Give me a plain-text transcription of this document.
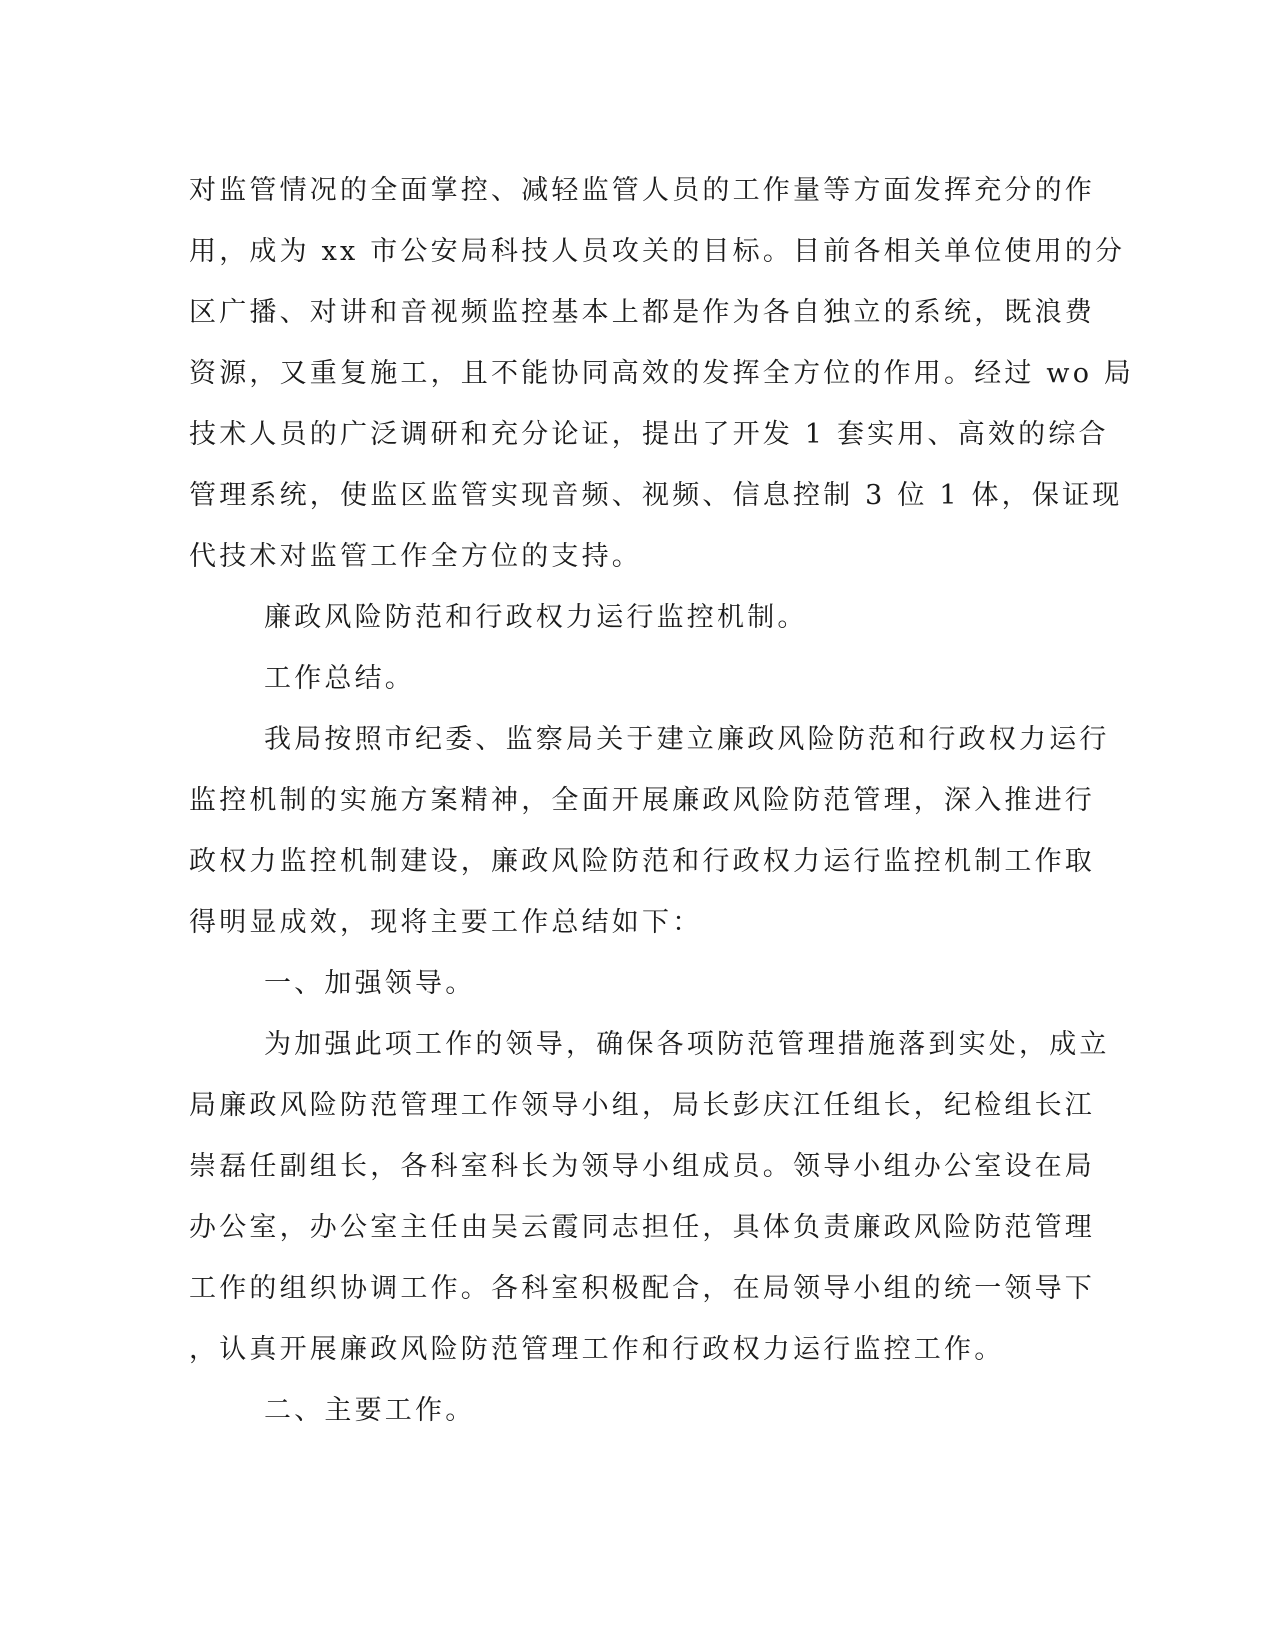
对监管情况的全面掌控、减轻监管人员的工作量等方面发挥充分的作
用，成为 xx 市公安局科技人员攻关的目标。目前各相关单位使用的分
区广播、对讲和音视频监控基本上都是作为各自独立的系统，既浪费
资源，又重复施工，且不能协同高效的发挥全方位的作用。经过 wo 局
技术人员的广泛调研和充分论证，提出了开发 1 套实用、高效的综合
管理系统，使监区监管实现音频、视频、信息控制 3 位 1 体，保证现
代技术对监管工作全方位的支持。
廉政风险防范和行政权力运行监控机制。
工作总结。
我局按照市纪委、监察局关于建立廉政风险防范和行政权力运行
监控机制的实施方案精神，全面开展廉政风险防范管理，深入推进行
政权力监控机制建设，廉政风险防范和行政权力运行监控机制工作取
得明显成效，现将主要工作总结如下：
一、加强领导。
为加强此项工作的领导，确保各项防范管理措施落到实处，成立
局廉政风险防范管理工作领导小组，局长彭庆江任组长，纪检组长江
崇磊任副组长，各科室科长为领导小组成员。领导小组办公室设在局
办公室，办公室主任由吴云霞同志担任，具体负责廉政风险防范管理
工作的组织协调工作。各科室积极配合，在局领导小组的统一领导下
，认真开展廉政风险防范管理工作和行政权力运行监控工作。
二、主要工作。
